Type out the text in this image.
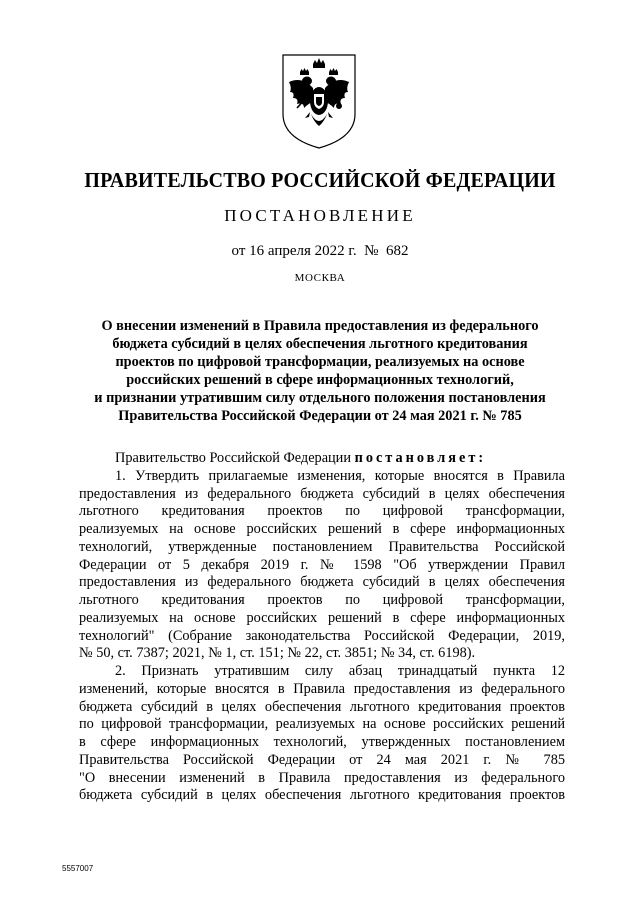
ПРАВИТЕЛЬСТВО РОССИЙСКОЙ ФЕДЕРАЦИИ
ПОСТАНОВЛЕНИЕ
от 16 апреля 2022 г.  №  682
МОСКВА
О внесении изменений в Правила предоставления из федерального
бюджета субсидий в целях обеспечения льготного кредитования
проектов по цифровой трансформации, реализуемых на основе
российских решений в сфере информационных технологий,
и признании утратившим силу отдельного положения постановления
Правительства Российской Федерации от 24 мая 2021 г. № 785
Правительство Российской Федерации постановляет:
1. Утвердить прилагаемые изменения, которые вносятся в Правила
предоставления из федерального бюджета субсидий в целях обеспечения
льготного кредитования проектов по цифровой трансформации,
реализуемых на основе российских решений в сфере информационных
технологий, утвержденные постановлением Правительства Российской
Федерации от 5 декабря 2019 г. № 1598 "Об утверждении Правил
предоставления из федерального бюджета субсидий в целях обеспечения
льготного кредитования проектов по цифровой трансформации,
реализуемых на основе российских решений в сфере информационных
технологий" (Собрание законодательства Российской Федерации, 2019,
№ 50, ст. 7387; 2021, № 1, ст. 151; № 22, ст. 3851; № 34, ст. 6198).
2. Признать утратившим силу абзац тринадцатый пункта 12
изменений, которые вносятся в Правила предоставления из федерального
бюджета субсидий в целях обеспечения льготного кредитования проектов
по цифровой трансформации, реализуемых на основе российских решений
в сфере информационных технологий, утвержденных постановлением
Правительства Российской Федерации от 24 мая 2021 г. № 785
"О внесении изменений в Правила предоставления из федерального
бюджета субсидий в целях обеспечения льготного кредитования проектов
5557007
